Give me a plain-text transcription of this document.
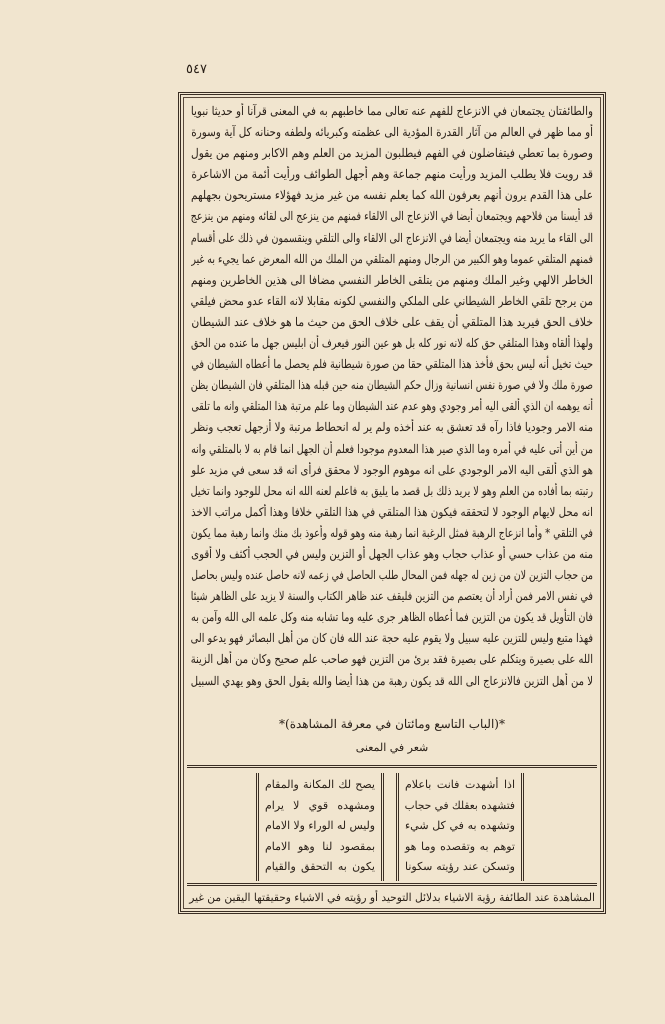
٥٤٧
والطائفتان يجتمعان في الانزعاج للفهم عنه تعالى مما خاطبهم به في المعنى قرآنا أو حديثا نبويا
أو مما ظهر في العالم من آثار القدرة المؤدية الى عظمته وكبريائه ولطفه وحنانه كل آية وسورة
وصورة بما تعطي فيتفاضلون في الفهم فيطلبون المزيد من العلم وهم الاكابر ومنهم من يقول
قد رويت فلا يطلب المزيد ورأيت منهم جماعة وهم أجهل الطوائف ورأيت أئمة من الاشاعرة
على هذا القدم يرون أنهم يعرفون الله كما يعلم نفسه من غير مزيد فهؤلاء مستريحون بجهلهم
قد أيسنا من فلاحهم ويجتمعان أيضا في الانزعاج الى الالقاء فمنهم من ينزعج الى لقائه ومنهم من ينزعج
الى القاء ما يريد منه ويجتمعان أيضا في الانزعاج الى الالقاء والى التلقي وينقسمون في ذلك على أقسام
فمنهم المتلقي عموما وهو الكبير من الرجال ومنهم المتلقي من الملك من الله المعرض عما يجيء به غير
الخاطر الالهي وغير الملك ومنهم من يتلقى الخاطر النفسي مضافا الى هذين الخاطرين ومنهم
من يرجح تلقي الخاطر الشيطاني على الملكي والنفسي لكونه مقابلا لانه القاء عدو محض فيلقي
خلاف الحق فيريد هذا المتلقي أن يقف على خلاف الحق من حيث ما هو خلاف عند الشيطان
ولهذا ألقاه وهذا المتلقي حق كله لانه نور كله بل هو عين النور فيعرف أن ابليس جهل ما عنده من الحق
حيث تخيل أنه ليس بحق فأخذ هذا المتلقي حقا من صورة شيطانية فلم يحصل ما أعطاه الشيطان في
صورة ملك ولا في صورة نفس انسانية وزال حكم الشيطان منه حين قبله هذا المتلقي فان الشيطان يظن
أنه يوهمه ان الذي ألقى اليه أمر وجودي وهو عدم عند الشيطان وما علم مرتبة هذا المتلقي وانه ما تلقى
منه الامر وجوديا فاذا رآه قد تعشق به عند أخذه ولم ير له انحطاط مرتبة ولا أزجهل تعجب ونظر
من أين أتى عليه في أمره وما الذي صير هذا المعدوم موجودا فعلم أن الجهل انما قام به لا بالمتلقي وانه
هو الذي ألقى اليه الامر الوجودي على انه موهوم الوجود لا محقق فرأى انه قد سعى في مزيد علو
رتبته بما أفاده من العلم وهو لا يريد ذلك بل قصد ما يليق به فاعلم لعنه الله انه محل للوجود وانما تخيل
انه محل لايهام الوجود لا لتحققه فيكون هذا المتلقي في هذا التلقي خلافا وهذا أكمل مراتب الاخذ
في التلقي * وأما انزعاج الرهبة فمثل الرغبة انما رهبة منه وهو قوله وأعوذ بك منك وانما رهبة مما يكون
منه من عذاب حسي أو عذاب حجاب وهو عذاب الجهل أو التزين وليس في الحجب أكثف ولا أقوى
من حجاب التزين لان من زين له جهله فمن المحال طلب الحاصل في زعمه لانه حاصل عنده وليس بحاصل
في نفس الامر فمن أراد أن يعتصم من التزين فليقف عند ظاهر الكتاب والسنة لا يزيد على الظاهر شيئا
فان التأويل قد يكون من التزين فما أعطاه الظاهر جرى عليه وما تشابه منه وكل علمه الى الله وآمن به
فهذا متبع وليس للتزين عليه سبيل ولا يقوم عليه حجة عند الله فان كان من أهل البصائر فهو يدعو الى
الله على بصيرة ويتكلم على بصيرة فقد برئ من التزين فهو صاحب علم صحيح وكان من أهل الزينة
لا من أهل التزين فالانزعاج الى الله قد يكون رهبة من هذا أيضا والله يقول الحق وهو يهدي السبيل
*(الباب التاسع ومائتان في معرفة المشاهدة)*
شعر في المعنى
اذا أشهدت فانت باعلام
فتشهده بعقلك في حجاب
وتشهده به في كل شيء
توهم به وتقصده وما هو
وتسكن عند رؤيته سكونا
يصح لك المكانة والمقام
ومشهده قوي لا يرام
وليس له الوراء ولا الامام
بمقصود لنا وهو الامام
يكون به التحقق والقيام
المشاهدة عند الطائفة رؤية الاشياء بدلائل التوحيد أو رؤيته في الاشياء وحقيقتها اليقين من غير
